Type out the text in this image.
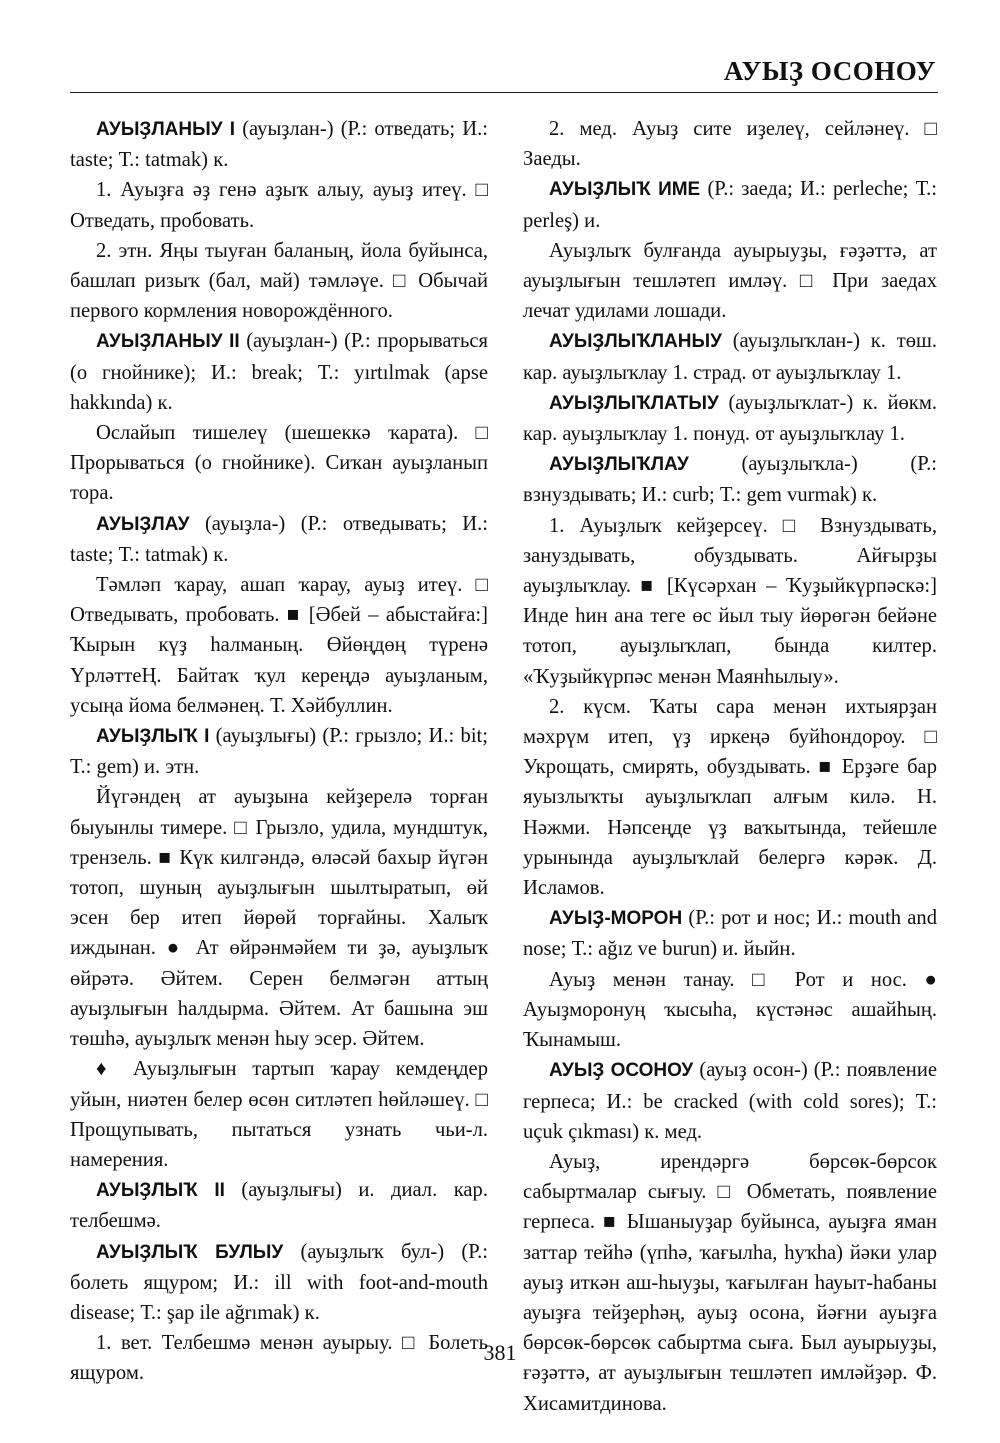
АУЫҘ ОСОНОУ

АУЫҘЛАНЫУ I (ауыҙлан-) (Р.: отведать; И.: taste; Т.: tatmak) к.

1. Ауыҙға әҙ генә аҙыҡ алыу, ауыҙ итеү. □ Отведать, пробовать.

2. этн. Яңы тыуған баланың, йола буйынса, башлап ризыҡ (бал, май) тәмләүе. □ Обычай первого кормления новорождённого.

АУЫҘЛАНЫУ II (ауыҙлан-) (Р.: прорываться (о гнойнике); И.: break; Т.: yırtılmak (apse hakkında) к.

Ослайып тишелеү (шешеккә ҡарата). □ Прорываться (о гнойнике). Сиҡан ауыҙланып тора.

АУЫҘЛАУ (ауыҙла-) (Р.: отведывать; И.: taste; Т.: tatmak) к.

Тәмләп ҡарау, ашап ҡарау, ауыҙ итеү. □ Отведывать, пробовать. ■ [Әбей – абыстайға:] Ҡырын күҙ һалманың. Өйөңдөң түренә ҮрләттеҢ. Байтаҡ ҡул кереңдә ауыҙланым, усыңа йома белмәнең. Т. Хәйбуллин.

АУЫҘЛЫҠ I (ауыҙлығы) (Р.: грызло; И.: bit; Т.: gem) и. этн.

Йүгәндең ат ауыҙына кейҙерелә торған быуынлы тимере. □ Грызло, удила, мундштук, трензель. ■ Күк килгәндә, өләсәй бахыр йүгән тотоп, шуның ауыҙлығын шылтыратып, өй эсен бер итеп йөрөй торғайны. Халыҡ иждынан. ● Ат өйрәнмәйем ти ҙә, ауыҙлыҡ өйрәтә. Әйтем. Серен белмәгән аттың ауыҙлығын һалдырма. Әйтем. Ат башына эш төшһә, ауыҙлыҡ менән һыу эсер. Әйтем.

♦ Ауыҙлығын тартып ҡарау кемдеңдер уйын, ниәтен белер өсөн ситләтеп һөйләшеү. □ Прощупывать, пытаться узнать чьи-л. намерения.

АУЫҘЛЫҠ II (ауыҙлығы) и. диал. кар. телбешмә.

АУЫҘЛЫҠ БУЛЫУ (ауыҙлыҡ бул-) (Р.: болеть ящуром; И.: ill with foot-and-mouth disease; Т.: şap ile ağrımak) к.

1. вет. Телбешмә менән ауырыу. □ Болеть ящуром.

2. мед. Ауыҙ сите иҙелеү, сейләнеү. □ Заеды.

АУЫҘЛЫҠ ИМЕ (Р.: заеда; И.: perleche; Т.: perleş) и.

Ауыҙлыҡ булғанда ауырыуҙы, ғәҙәттә, ат ауыҙлығын тешләтеп имләү. □ При заедах лечат удилами лошади.

АУЫҘЛЫҠЛАНЫУ (ауыҙлыҡлан-) к. төш. кар. ауыҙлыҡлау 1. страд. от ауыҙлыҡлау 1.

АУЫҘЛЫҠЛАТЫУ (ауыҙлыҡлат-) к. йөкм. кар. ауыҙлыҡлау 1. понуд. от ауыҙлыҡлау 1.

АУЫҘЛЫҠЛАУ (ауыҙлыҡла-) (Р.: взнуздывать; И.: curb; Т.: gem vurmak) к.

1. Ауыҙлыҡ кейҙерсеү. □ Взнуздывать, зануздывать, обуздывать. Айғырҙы ауыҙлыҡлау. ■ [Күсәрхан – Ҡуҙыйкүрпәскә:] Инде һин ана теге өс йыл тыу йөрөгән бейәне тотоп, ауыҙлыҡлап, бында килтер. «Ҡуҙыйкүрпәс менән Маянһылыу».

2. күсм. Ҡаты сара менән ихтыярҙан мәхрүм итеп, үҙ иркеңә буйһондороу. □ Укрощать, смирять, обуздывать. ■ Ерҙәге бар яуызлыҡты ауыҙлыҡлап алғым килә. Н. Нәжми. Нәпсеңде үҙ ваҡытында, тейешле урынында ауыҙлыҡлай белергә кәрәк. Д. Исламов.

АУЫҘ-МОРОН (Р.: рот и нос; И.: mouth and nose; Т.: ağız ve burun) и. йыйн.

Ауыҙ менән танау. □ Рот и нос. ● Ауыҙморонуң ҡысыһа, күстәнәс ашайһың. Ҡынамыш.

АУЫҘ ОСОНОУ (ауыҙ осон-) (Р.: появление герпеса; И.: be cracked (with cold sores); Т.: uçuk çıkması) к. мед.

Ауыҙ, ирендәргә бөрсөк-бөрсок сабыртмалар сығыу. □ Обметать, появление герпеса. ■ Ышаныуҙар буйынса, ауыҙға яман заттар тейһә (үпһә, ҡағылһа, һуҡһа) йәки улар ауыҙ иткән аш-һыуҙы, ҡағылған һауыт-һабаны ауыҙға тейҙерһәң, ауыҙ осона, йәғни ауыҙға бөрсөк-бөрсөк сабыртма сыға. Был ауырыуҙы, ғәҙәттә, ат ауыҙлығын тешләтеп имләйҙәр. Ф. Хисамитдинова.

381
